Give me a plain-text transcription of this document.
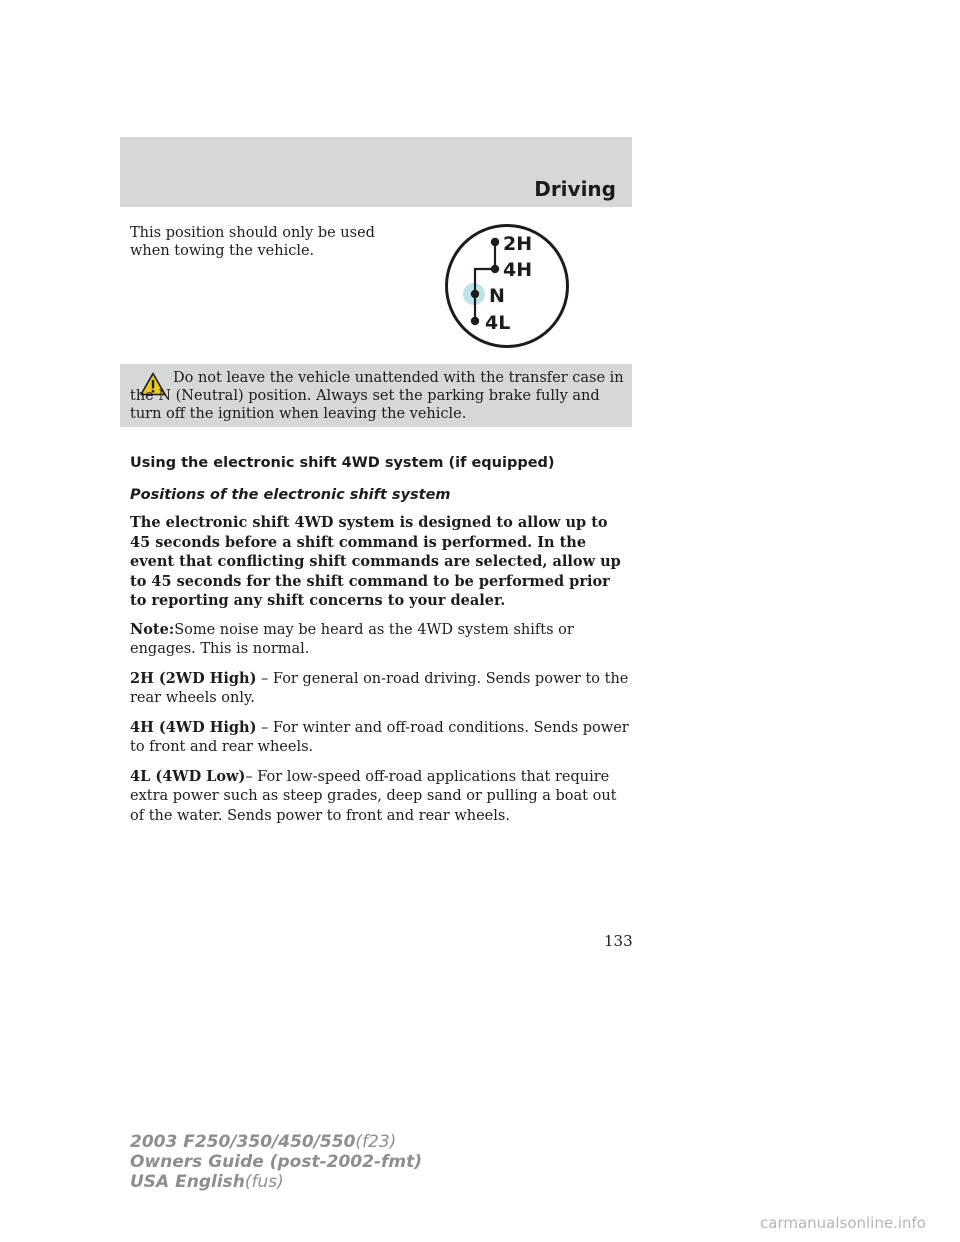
Driving

This position should only be used when towing the vehicle.	2H
4H
N
4L

Do not leave the vehicle unattended with the transfer case in the N (Neutral) position. Always set the parking brake fully and turn off the ignition when leaving the vehicle.

Using the electronic shift 4WD system (if equipped)
Positions of the electronic shift system

The electronic shift 4WD system is designed to allow up to 45 seconds before a shift command is performed. In the event that conflicting shift commands are selected, allow up to 45 seconds for the shift command to be performed prior to reporting any shift concerns to your dealer.

Note:Some noise may be heard as the 4WD system shifts or engages. This is normal.

2H (2WD High) – For general on-road driving. Sends power to the rear wheels only.

4H (4WD High) – For winter and off-road conditions. Sends power to front and rear wheels.

4L (4WD Low)– For low-speed off-road applications that require extra power such as steep grades, deep sand or pulling a boat out of the water. Sends power to front and rear wheels.

133
2003 F250/350/450/550(f23)
Owners Guide (post-2002-fmt)
USA English(fus)
carmanualsonline.info
